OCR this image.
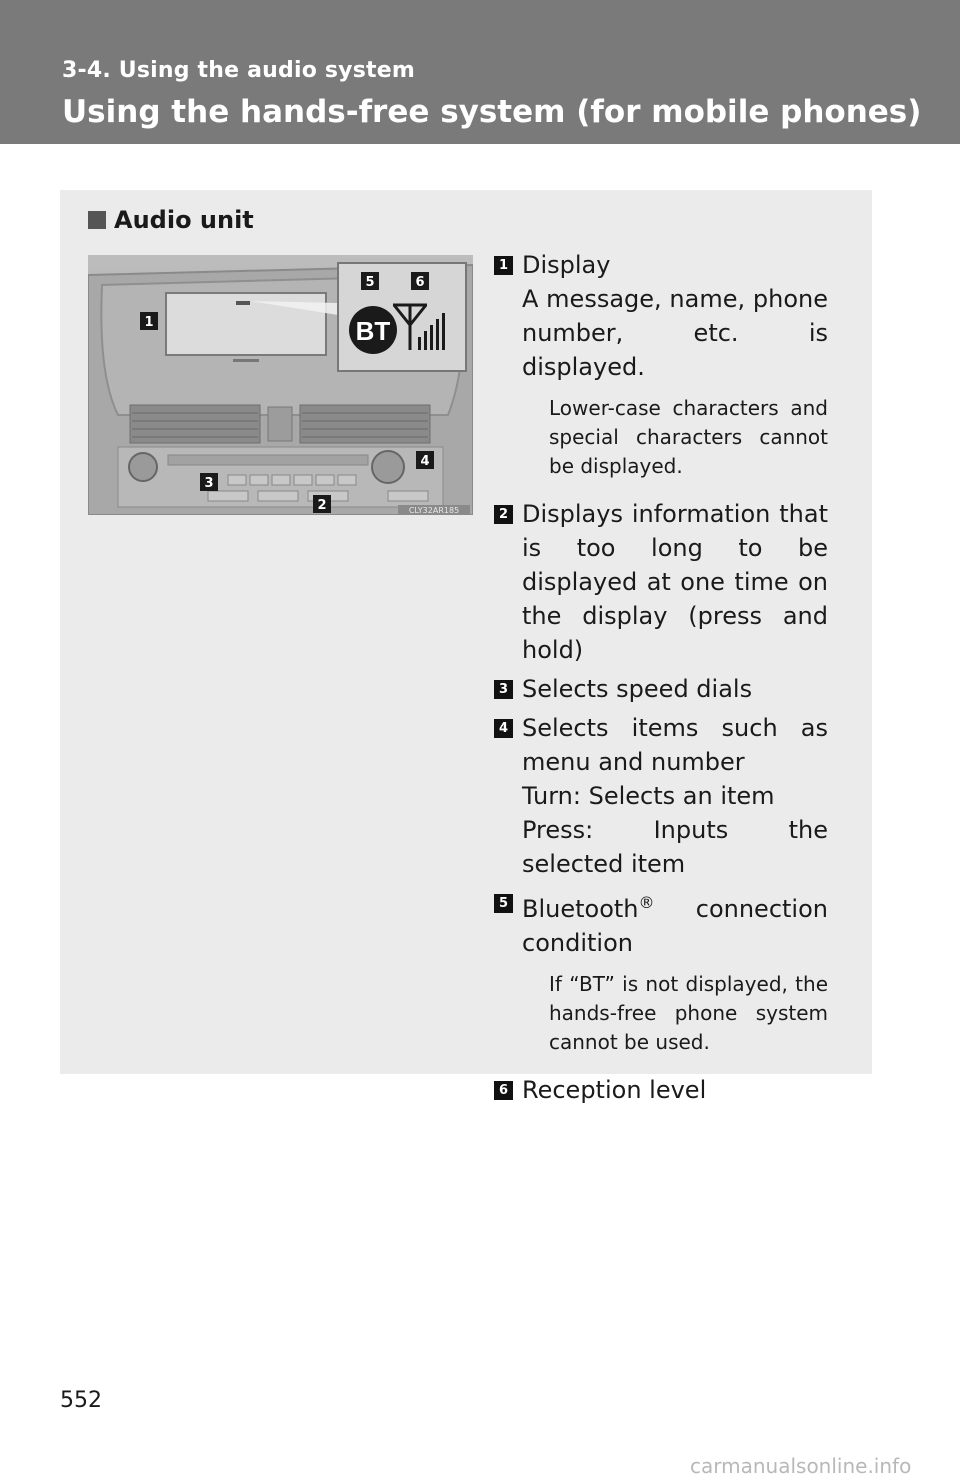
3-4. Using the audio system
Using the hands-free system (for mobile phones)
Audio unit
BT
1
2
3
4
5	6
CLY32AR185
1 Display
A message, name, phone number, etc. is displayed.
Lower-case characters and special characters cannot be displayed.
2 Displays information that is too long to be displayed at one time on the display (press and hold)
3 Selects speed dials
4 Selects items such as menu and number
Turn: Selects an item
Press: Inputs the selected item
5 Bluetooth® connection condition
If “BT” is not displayed, the hands-free phone system cannot be used.
6 Reception level
552
carmanualsonline.info
